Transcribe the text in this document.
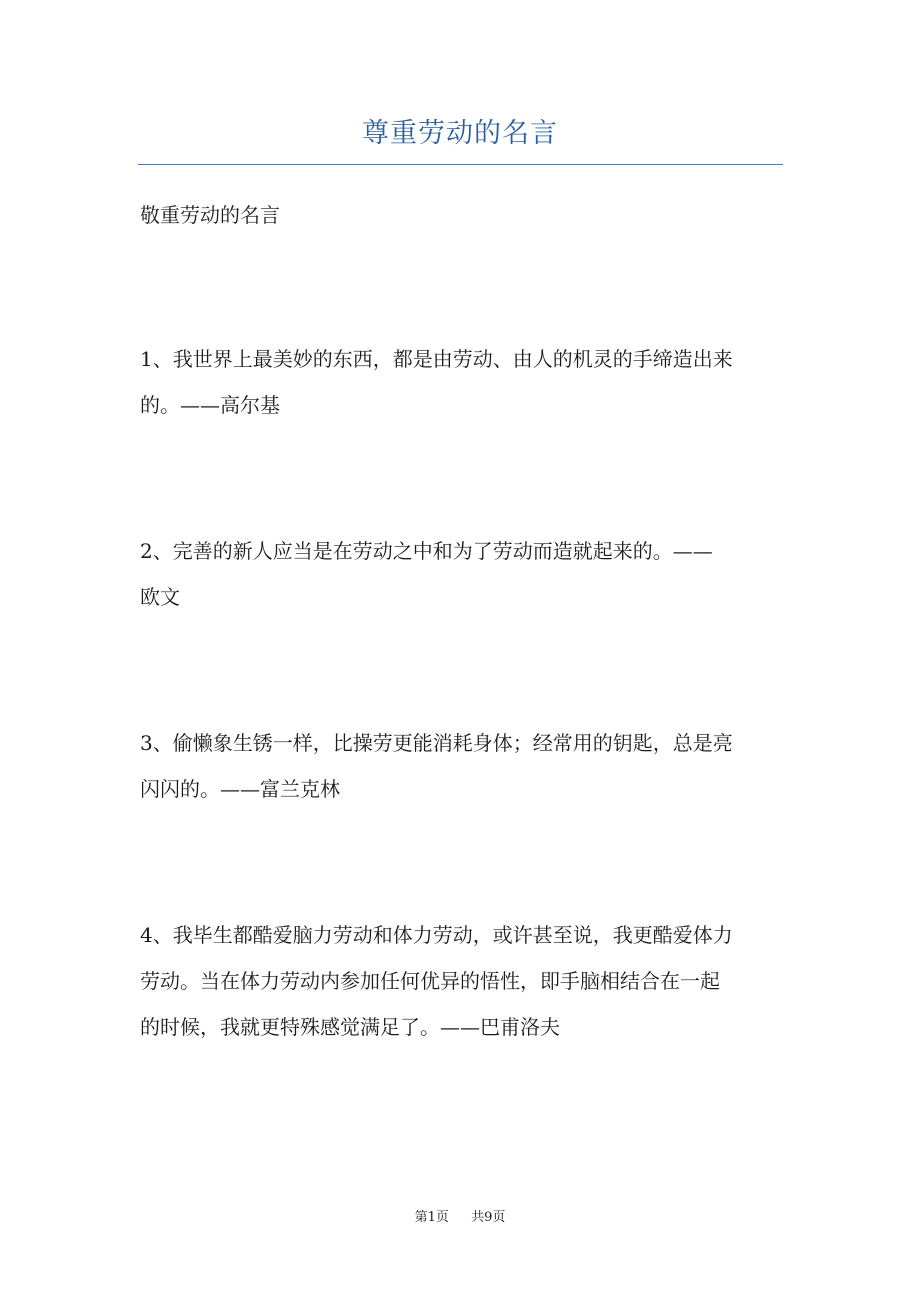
尊重劳动的名言
敬重劳动的名言
1、我世界上最美妙的东西，都是由劳动、由人的机灵的手缔造出来
的。——高尔基
2、完善的新人应当是在劳动之中和为了劳动而造就起来的。——
欧文
3、偷懒象生锈一样，比操劳更能消耗身体；经常用的钥匙，总是亮
闪闪的。——富兰克林
4、我毕生都酷爱脑力劳动和体力劳动，或许甚至说，我更酷爱体力
劳动。当在体力劳动内参加任何优异的悟性，即手脑相结合在一起
的时候，我就更特殊感觉满足了。——巴甫洛夫
第1页 共9页
